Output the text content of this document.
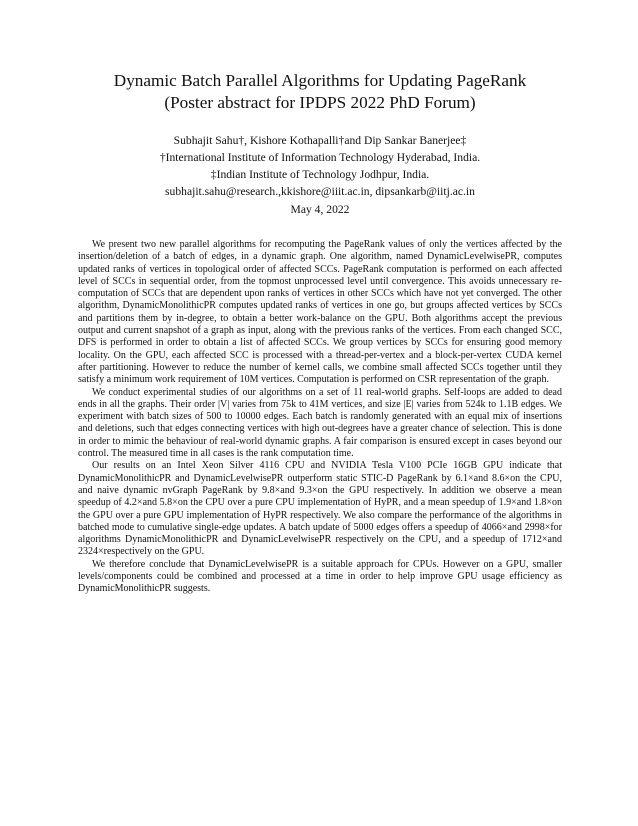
Dynamic Batch Parallel Algorithms for Updating PageRank
(Poster abstract for IPDPS 2022 PhD Forum)
Subhajit Sahu†, Kishore Kothapalli†and Dip Sankar Banerjee‡
†International Institute of Information Technology Hyderabad, India.
‡Indian Institute of Technology Jodhpur, India.
subhajit.sahu@research.,kkishore@iiit.ac.in, dipsankarb@iitj.ac.in
May 4, 2022

We present two new parallel algorithms for recomputing the PageRank values of only the vertices affected by the insertion/deletion of a batch of edges, in a dynamic graph. One algorithm, named DynamicLevelwisePR, computes updated ranks of vertices in topological order of affected SCCs. PageRank computation is performed on each affected level of SCCs in sequential order, from the topmost unprocessed level until convergence. This avoids unnecessary re-computation of SCCs that are dependent upon ranks of vertices in other SCCs which have not yet converged. The other algorithm, DynamicMonolithicPR computes updated ranks of vertices in one go, but groups affected vertices by SCCs and partitions them by in-degree, to obtain a better work-balance on the GPU. Both algorithms accept the previous output and current snapshot of a graph as input, along with the previous ranks of the vertices. From each changed SCC, DFS is performed in order to obtain a list of affected SCCs. We group vertices by SCCs for ensuring good memory locality. On the GPU, each affected SCC is processed with a thread-per-vertex and a block-per-vertex CUDA kernel after partitioning. However to reduce the number of kernel calls, we combine small affected SCCs together until they satisfy a minimum work requirement of 10M vertices. Computation is performed on CSR representation of the graph.

We conduct experimental studies of our algorithms on a set of 11 real-world graphs. Self-loops are added to dead ends in all the graphs. Their order |V| varies from 75k to 41M vertices, and size |E| varies from 524k to 1.1B edges. We experiment with batch sizes of 500 to 10000 edges. Each batch is randomly generated with an equal mix of insertions and deletions, such that edges connecting vertices with high out-degrees have a greater chance of selection. This is done in order to mimic the behaviour of real-world dynamic graphs. A fair comparison is ensured except in cases beyond our control. The measured time in all cases is the rank computation time.

Our results on an Intel Xeon Silver 4116 CPU and NVIDIA Tesla V100 PCIe 16GB GPU indicate that DynamicMonolithicPR and DynamicLevelwisePR outperform static STIC-D PageRank by 6.1×and 8.6×on the CPU, and naive dynamic nvGraph PageRank by 9.8×and 9.3×on the GPU respectively. In addition we observe a mean speedup of 4.2×and 5.8×on the CPU over a pure CPU implementation of HyPR, and a mean speedup of 1.9×and 1.8×on the GPU over a pure GPU implementation of HyPR respectively. We also compare the performance of the algorithms in batched mode to cumulative single-edge updates. A batch update of 5000 edges offers a speedup of 4066×and 2998×for algorithms DynamicMonolithicPR and DynamicLevelwisePR respectively on the CPU, and a speedup of 1712×and 2324×respectively on the GPU.

We therefore conclude that DynamicLevelwisePR is a suitable approach for CPUs. However on a GPU, smaller levels/components could be combined and processed at a time in order to help improve GPU usage efficiency as DynamicMonolithicPR suggests.
